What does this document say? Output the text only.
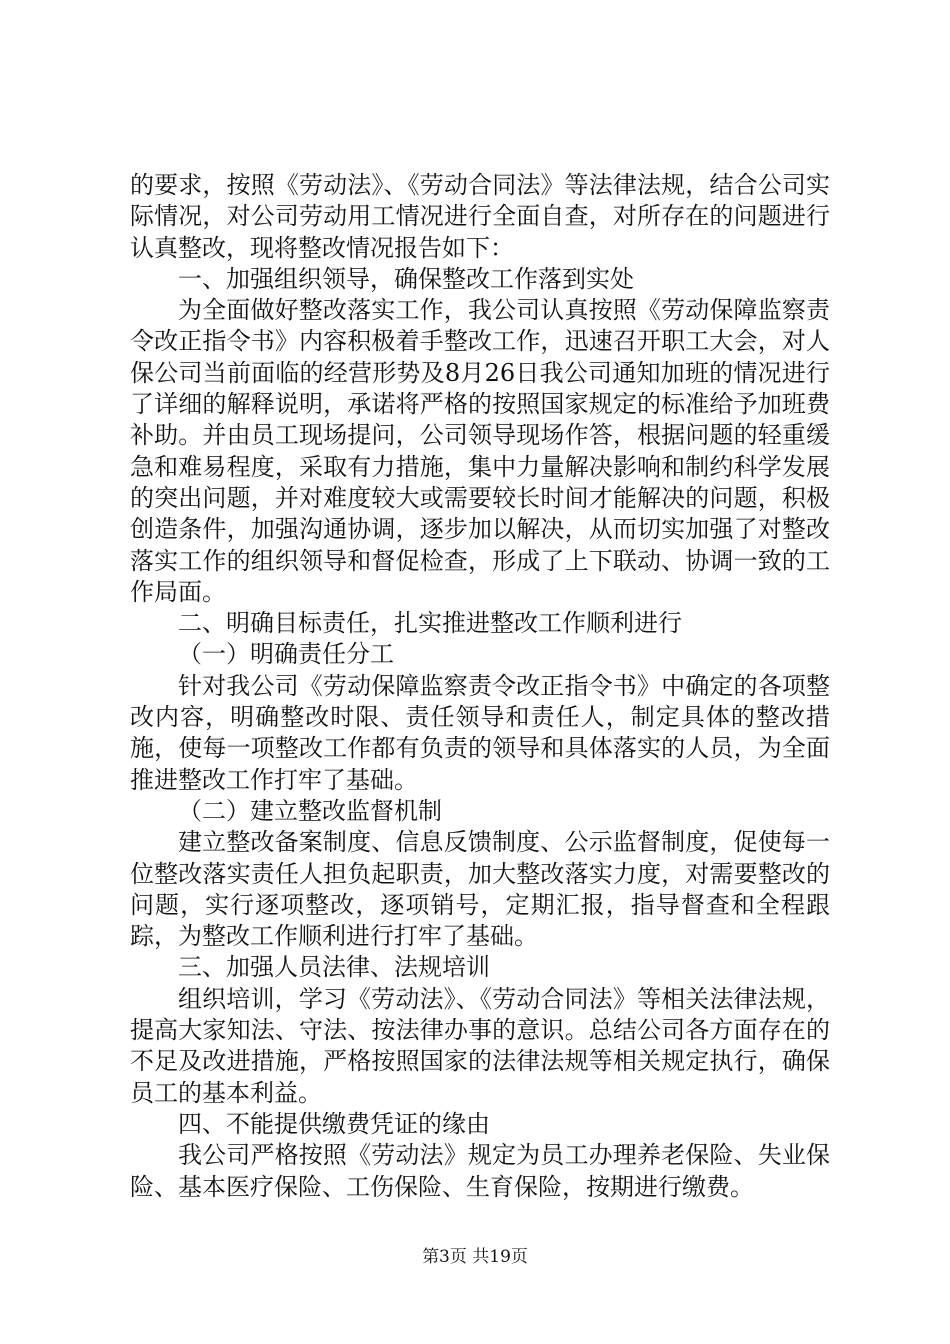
的要求，按照《劳动法》、《劳动合同法》等法律法规，结合公司实际情况，对公司劳动用工情况进行全面自查，对所存在的问题进行认真整改，现将整改情况报告如下：

一、加强组织领导，确保整改工作落到实处

为全面做好整改落实工作，我公司认真按照《劳动保障监察责令改正指令书》内容积极着手整改工作，迅速召开职工大会，对人保公司当前面临的经营形势及8月26日我公司通知加班的情况进行了详细的解释说明，承诺将严格的按照国家规定的标准给予加班费补助。并由员工现场提问，公司领导现场作答，根据问题的轻重缓急和难易程度，采取有力措施，集中力量解决影响和制约科学发展的突出问题，并对难度较大或需要较长时间才能解决的问题，积极创造条件，加强沟通协调，逐步加以解决，从而切实加强了对整改落实工作的组织领导和督促检查，形成了上下联动、协调一致的工作局面。

二、明确目标责任，扎实推进整改工作顺利进行

（一）明确责任分工

针对我公司《劳动保障监察责令改正指令书》中确定的各项整改内容，明确整改时限、责任领导和责任人，制定具体的整改措施，使每一项整改工作都有负责的领导和具体落实的人员，为全面推进整改工作打牢了基础。

（二）建立整改监督机制

建立整改备案制度、信息反馈制度、公示监督制度，促使每一位整改落实责任人担负起职责，加大整改落实力度，对需要整改的问题，实行逐项整改，逐项销号，定期汇报，指导督查和全程跟踪，为整改工作顺利进行打牢了基础。

三、加强人员法律、法规培训

组织培训，学习《劳动法》、《劳动合同法》等相关法律法规，提高大家知法、守法、按法律办事的意识。总结公司各方面存在的不足及改进措施，严格按照国家的法律法规等相关规定执行，确保员工的基本利益。

四、不能提供缴费凭证的缘由

我公司严格按照《劳动法》规定为员工办理养老保险、失业保险、基本医疗保险、工伤保险、生育保险，按期进行缴费。

第3页 共19页
